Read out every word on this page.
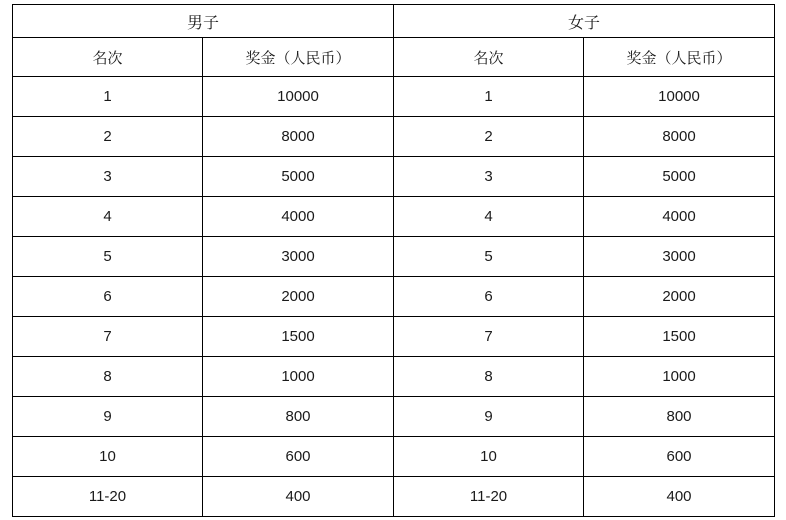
男子		女子	
名次	奖金（人民币）	名次	奖金（人民币）
1	10000	1	10000
2	8000	2	8000
3	5000	3	5000
4	4000	4	4000
5	3000	5	3000
6	2000	6	2000
7	1500	7	1500
8	1000	8	1000
9	800	9	800
10	600	10	600
11-20	400	11-20	400
